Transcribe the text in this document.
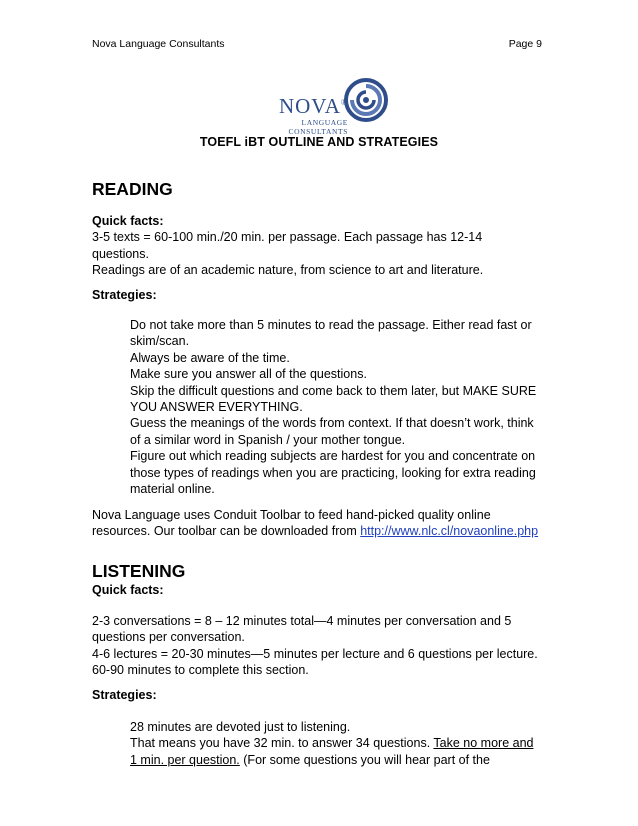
Nova Language Consultants	Page 9
NOVA®
LANGUAGE CONSULTANTS
TOEFL iBT OUTLINE AND STRATEGIES
READING
Quick facts:

3-5 texts = 60-100 min./20 min. per passage. Each passage has 12-14

questions.

Readings are of an academic nature, from science to art and literature.

Strategies:

Do not take more than 5 minutes to read the passage. Either read fast or

skim/scan.

Always be aware of the time.

Make sure you answer all of the questions.

Skip the difficult questions and come back to them later, but MAKE SURE

YOU ANSWER EVERYTHING.

Guess the meanings of the words from context. If that doesn’t work, think

of a similar word in Spanish / your mother tongue.

Figure out which reading subjects are hardest for you and concentrate on

those types of readings when you are practicing, looking for extra reading

material online.

Nova Language uses Conduit Toolbar to feed hand-picked quality online

resources. Our toolbar can be downloaded from http://www.nlc.cl/novaonline.php

LISTENING
Quick facts:

2-3 conversations = 8 – 12 minutes total—4 minutes per conversation and 5

questions per conversation.

4-6 lectures = 20-30 minutes—5 minutes per lecture and 6 questions per lecture.

60-90 minutes to complete this section.

Strategies:

28 minutes are devoted just to listening.

That means you have 32 min. to answer 34 questions. Take no more and

1 min. per question. (For some questions you will hear part of the
